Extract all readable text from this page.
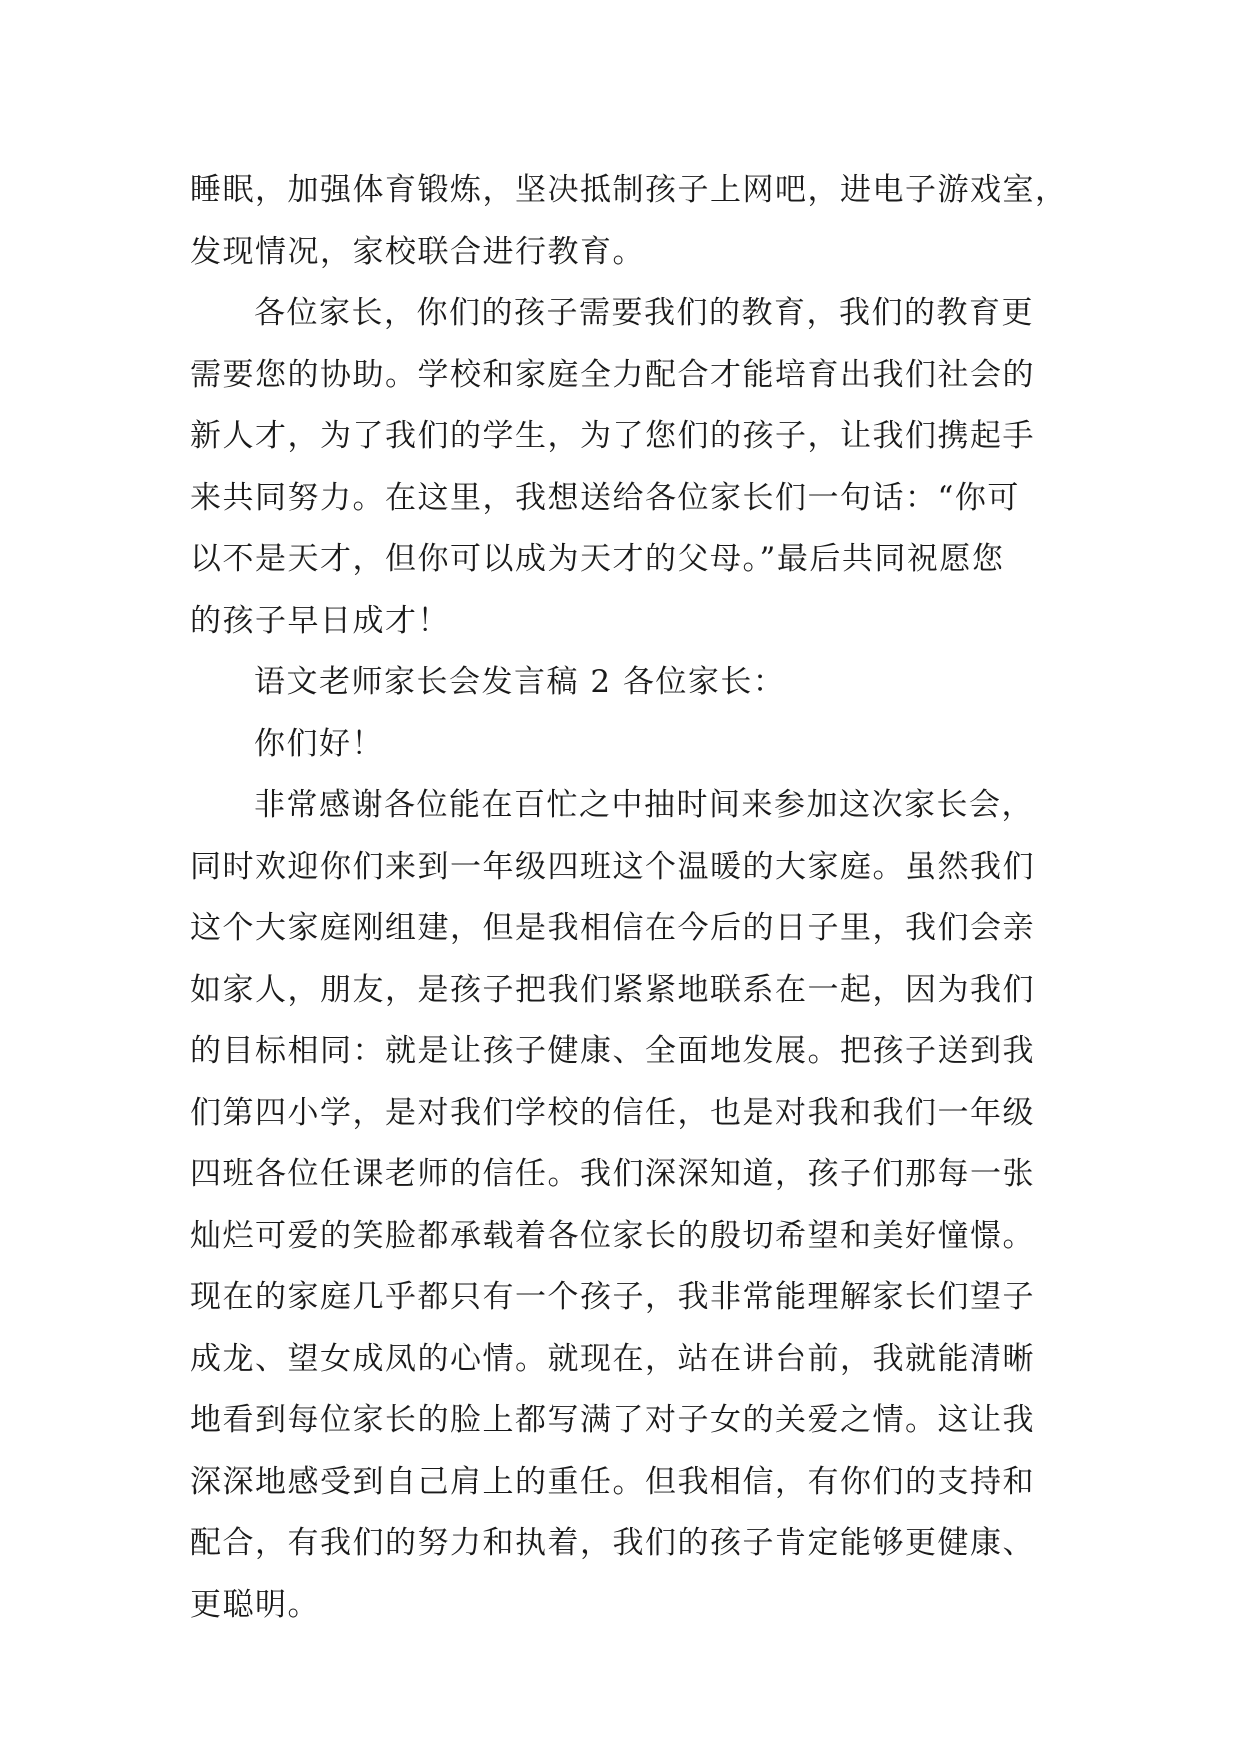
睡眠，加强体育锻炼，坚决抵制孩子上网吧，进电子游戏室，
发现情况，家校联合进行教育。
各位家长，你们的孩子需要我们的教育，我们的教育更
需要您的协助。学校和家庭全力配合才能培育出我们社会的
新人才，为了我们的学生，为了您们的孩子，让我们携起手
来共同努力。在这里，我想送给各位家长们一句话：“你可
以不是天才，但你可以成为天才的父母。”最后共同祝愿您
的孩子早日成才！
语文老师家长会发言稿 2 各位家长：
你们好！
非常感谢各位能在百忙之中抽时间来参加这次家长会，
同时欢迎你们来到一年级四班这个温暖的大家庭。虽然我们
这个大家庭刚组建，但是我相信在今后的日子里，我们会亲
如家人，朋友，是孩子把我们紧紧地联系在一起，因为我们
的目标相同：就是让孩子健康、全面地发展。把孩子送到我
们第四小学，是对我们学校的信任，也是对我和我们一年级
四班各位任课老师的信任。我们深深知道，孩子们那每一张
灿烂可爱的笑脸都承载着各位家长的殷切希望和美好憧憬。
现在的家庭几乎都只有一个孩子，我非常能理解家长们望子
成龙、望女成凤的心情。就现在，站在讲台前，我就能清晰
地看到每位家长的脸上都写满了对子女的关爱之情。这让我
深深地感受到自己肩上的重任。但我相信，有你们的支持和
配合，有我们的努力和执着，我们的孩子肯定能够更健康、
更聪明。
